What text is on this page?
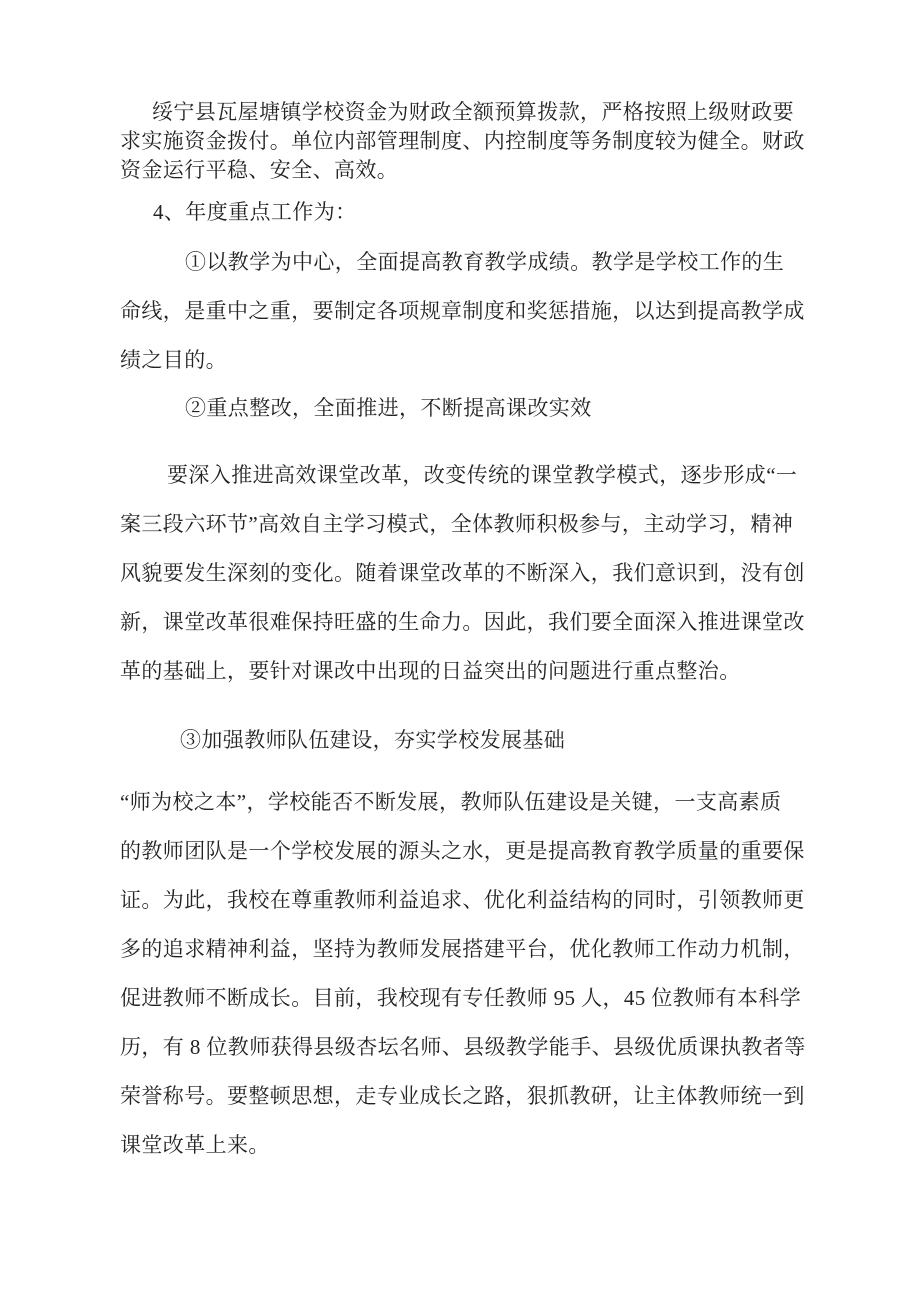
绥宁县瓦屋塘镇学校资金为财政全额预算拨款，严格按照上级财政要
求实施资金拨付。单位内部管理制度、内控制度等务制度较为健全。财政
资金运行平稳、安全、高效。
4、年度重点工作为：
①以教学为中心，全面提高教育教学成绩。教学是学校工作的生
命线，是重中之重，要制定各项规章制度和奖惩措施，以达到提高教学成
绩之目的。
②重点整改，全面推进，不断提高课改实效
要深入推进高效课堂改革，改变传统的课堂教学模式，逐步形成“一
案三段六环节”高效自主学习模式，全体教师积极参与，主动学习，精神
风貌要发生深刻的变化。随着课堂改革的不断深入，我们意识到，没有创
新，课堂改革很难保持旺盛的生命力。因此，我们要全面深入推进课堂改
革的基础上，要针对课改中出现的日益突出的问题进行重点整治。
③加强教师队伍建设，夯实学校发展基础
“师为校之本”，学校能否不断发展，教师队伍建设是关键，一支高素质
的教师团队是一个学校发展的源头之水，更是提高教育教学质量的重要保
证。为此，我校在尊重教师利益追求、优化利益结构的同时，引领教师更
多的追求精神利益，坚持为教师发展搭建平台，优化教师工作动力机制，
促进教师不断成长。目前，我校现有专任教师 95 人，45 位教师有本科学
历，有 8 位教师获得县级杏坛名师、县级教学能手、县级优质课执教者等
荣誉称号。要整顿思想，走专业成长之路，狠抓教研，让主体教师统一到
课堂改革上来。
